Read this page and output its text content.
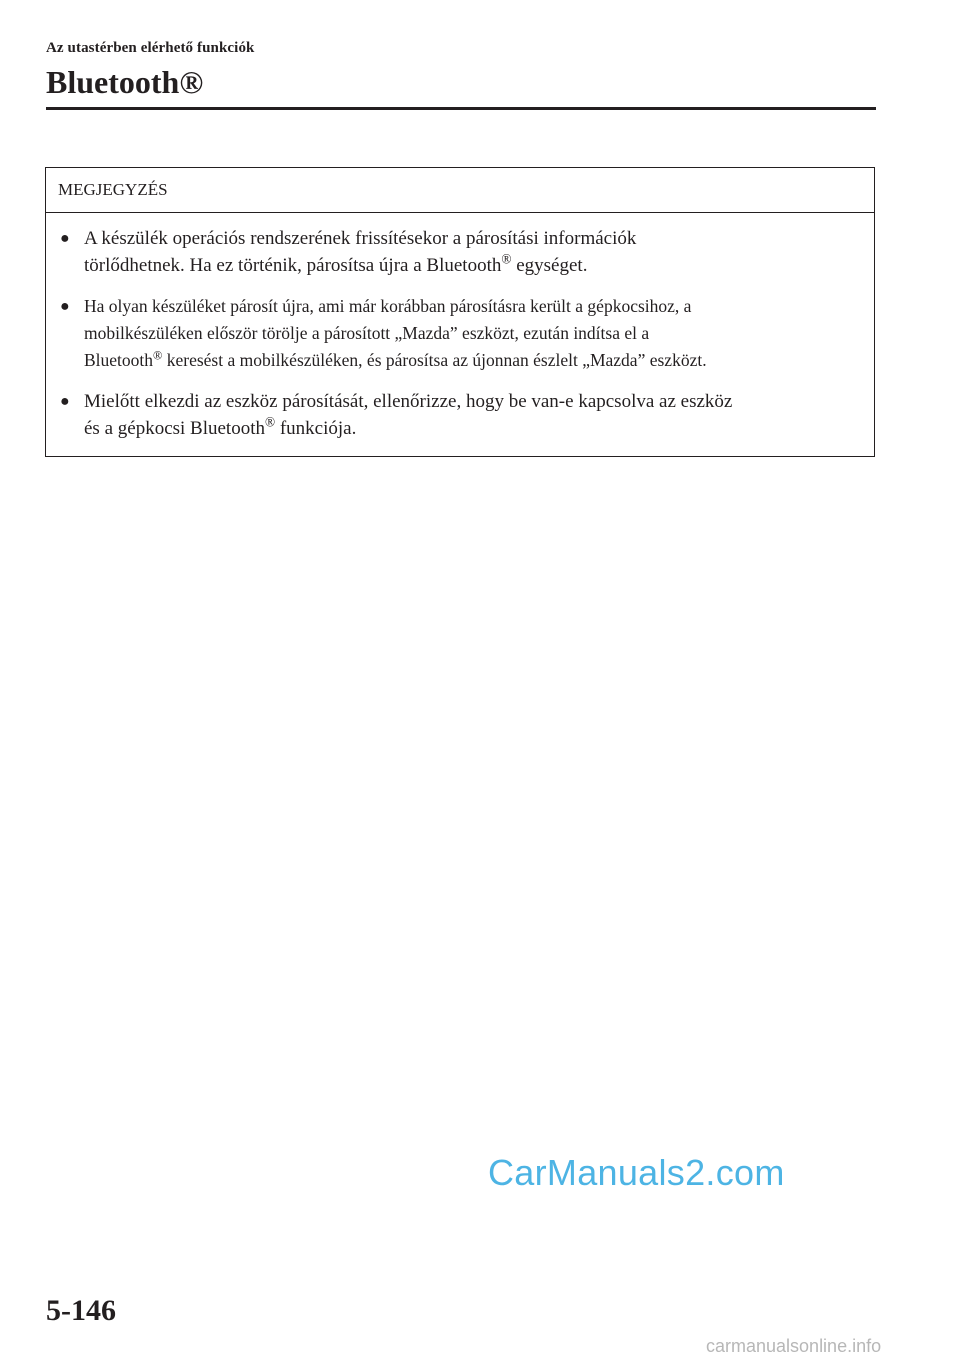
Az utastérben elérhető funkciók
Bluetooth®
MEGJEGYZÉS
● A készülék operációs rendszerének frissítésekor a párosítási információk
törlődhetnek. Ha ez történik, párosítsa újra a Bluetooth® egységet.
● Ha olyan készüléket párosít újra, ami már korábban párosításra került a gépkocsihoz, a
mobilkészüléken először törölje a párosított „Mazda” eszközt, ezután indítsa el a
Bluetooth® keresést a mobilkészüléken, és párosítsa az újonnan észlelt „Mazda” eszközt.
● Mielőtt elkezdi az eszköz párosítását, ellenőrizze, hogy be van-e kapcsolva az eszköz
és a gépkocsi Bluetooth® funkciója.
CarManuals2.com
5-146
carmanualsonline.info
